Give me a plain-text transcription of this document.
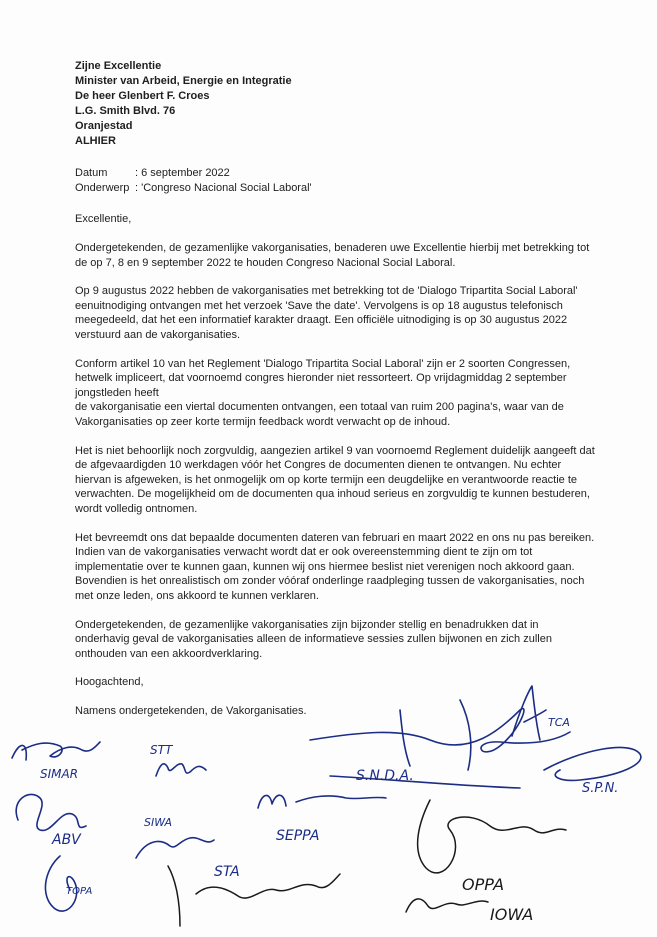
Zijne Excellentie
Minister van Arbeid, Energie en Integratie
De heer Glenbert F. Croes
L.G. Smith Blvd. 76
Oranjestad
ALHIER
Datum	: 6 september 2022
Onderwerp : 'Congreso Nacional Social Laboral'
Excellentie,

Ondergetekenden, de gezamenlijke vakorganisaties, benaderen uwe Excellentie hierbij met betrekking tot de op 7, 8 en 9 september 2022 te houden Congreso Nacional Social Laboral.

Op 9 augustus 2022 hebben de vakorganisaties met betrekking tot de 'Dialogo Tripartita Social Laboral' eenuitnodiging ontvangen met het verzoek 'Save the date'. Vervolgens is op 18 augustus telefonisch meegedeeld, dat het een informatief karakter draagt. Een officiële uitnodiging is op 30 augustus 2022 verstuurd aan de vakorganisaties.

Conform artikel 10 van het Reglement 'Dialogo Tripartita Social Laboral' zijn er 2 soorten Congressen, hetwelk impliceert, dat voornoemd congres hieronder niet ressorteert. Op vrijdagmiddag 2 september jongstleden heeft
de vakorganisatie een viertal documenten ontvangen, een totaal van ruim 200 pagina's, waar van de Vakorganisaties op zeer korte termijn feedback wordt verwacht op de inhoud.

Het is niet behoorlijk noch zorgvuldig, aangezien artikel 9 van voornoemd Reglement duidelijk aangeeft dat de afgevaardigden 10 werkdagen vóór het Congres de documenten dienen te ontvangen. Nu echter hiervan is afgeweken, is het onmogelijk om op korte termijn een deugdelijke en verantwoorde reactie te verwachten. De mogelijkheid om de documenten qua inhoud serieus en zorgvuldig te kunnen bestuderen, wordt volledig ontnomen.

Het bevreemdt ons dat bepaalde documenten dateren van februari en maart 2022 en ons nu pas bereiken. Indien van de vakorganisaties verwacht wordt dat er ook overeenstemming dient te zijn om tot implementatie over te kunnen gaan, kunnen wij ons hiermee beslist niet verenigen noch akkoord gaan. Bovendien is het onrealistisch om zonder vóóraf onderlinge raadpleging tussen de vakorganisaties, noch met onze leden, ons akkoord te kunnen verklaren.

Ondergetekenden, de gezamenlijke vakorganisaties zijn bijzonder stellig en benadrukken dat in onderhavig geval de vakorganisaties alleen de informatieve sessies zullen bijwonen en zich zullen onthouden van een akkoordverklaring.

Hoogachtend,
Namens ondergetekenden, de Vakorganisaties.
SIMAR
STT
S.N.D.A.
TCA
S.P.N.
ABV
SIWA
SEPPA
OPPA
TOPA
STA
IOWA
